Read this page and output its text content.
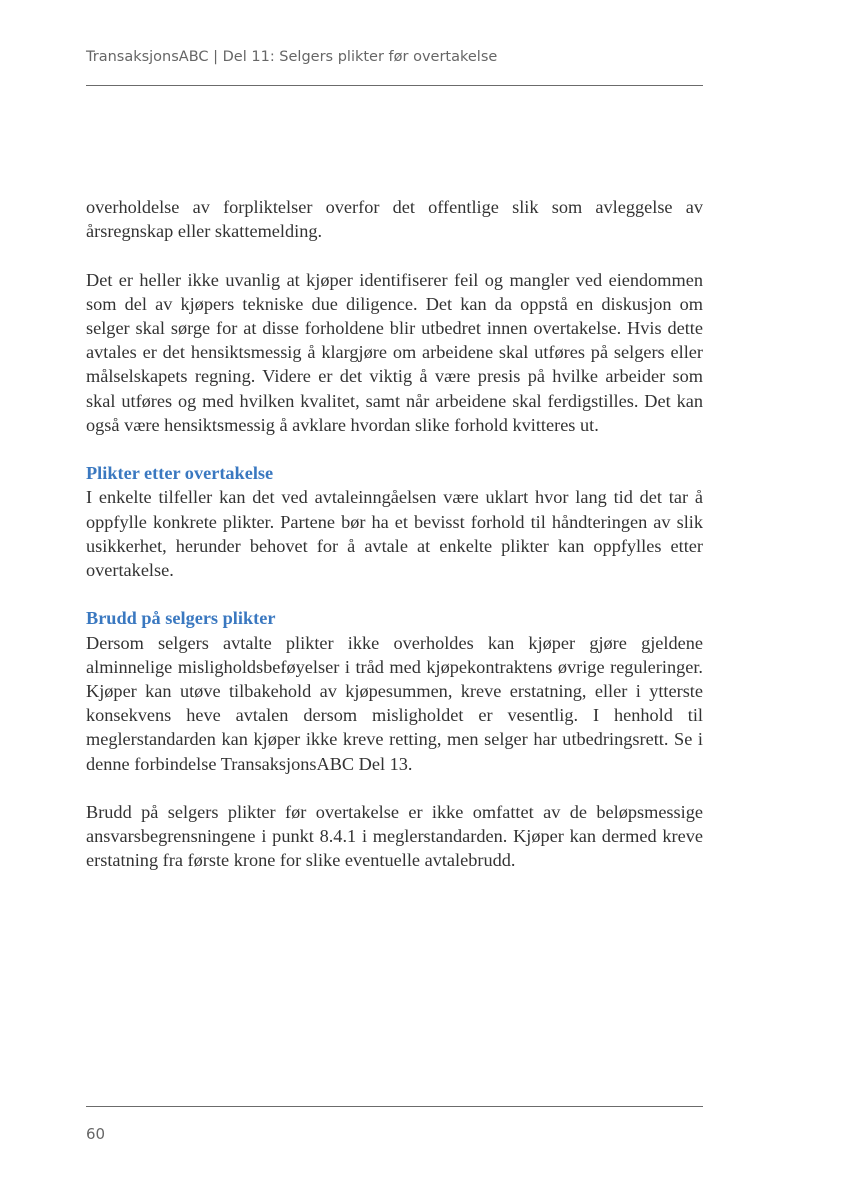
TransaksjonsABC | Del 11: Selgers plikter før overtakelse

overholdelse av forpliktelser overfor det offentlige slik som avleggelse av årsregnskap eller skattemelding.

Det er heller ikke uvanlig at kjøper identifiserer feil og mangler ved eiendommen som del av kjøpers tekniske due diligence. Det kan da oppstå en diskusjon om selger skal sørge for at disse forholdene blir utbedret innen overtakelse. Hvis dette avtales er det hensiktsmessig å klargjøre om arbeidene skal utføres på selgers eller målselskapets regning. Videre er det viktig å være presis på hvilke arbeider som skal utføres og med hvilken kvalitet, samt når arbeidene skal ferdigstilles. Det kan også være hensiktsmessig å avklare hvordan slike forhold kvitteres ut.

Plikter etter overtakelse

I enkelte tilfeller kan det ved avtaleinngåelsen være uklart hvor lang tid det tar å oppfylle konkrete plikter. Partene bør ha et bevisst forhold til håndteringen av slik usikkerhet, herunder behovet for å avtale at enkelte plikter kan oppfylles etter overtakelse.

Brudd på selgers plikter

Dersom selgers avtalte plikter ikke overholdes kan kjøper gjøre gjeldene alminnelige misligholdsbeføyelser i tråd med kjøpekontraktens øvrige reguleringer. Kjøper kan utøve tilbakehold av kjøpesummen, kreve erstatning, eller i ytterste konsekvens heve avtalen dersom misligholdet er vesentlig. I henhold til meglerstandarden kan kjøper ikke kreve retting, men selger har utbedringsrett. Se i denne forbindelse TransaksjonsABC Del 13.

Brudd på selgers plikter før overtakelse er ikke omfattet av de beløpsmessige ansvarsbegrensningene i punkt 8.4.1 i meglerstandarden. Kjøper kan dermed kreve erstatning fra første krone for slike eventuelle avtalebrudd.

60
